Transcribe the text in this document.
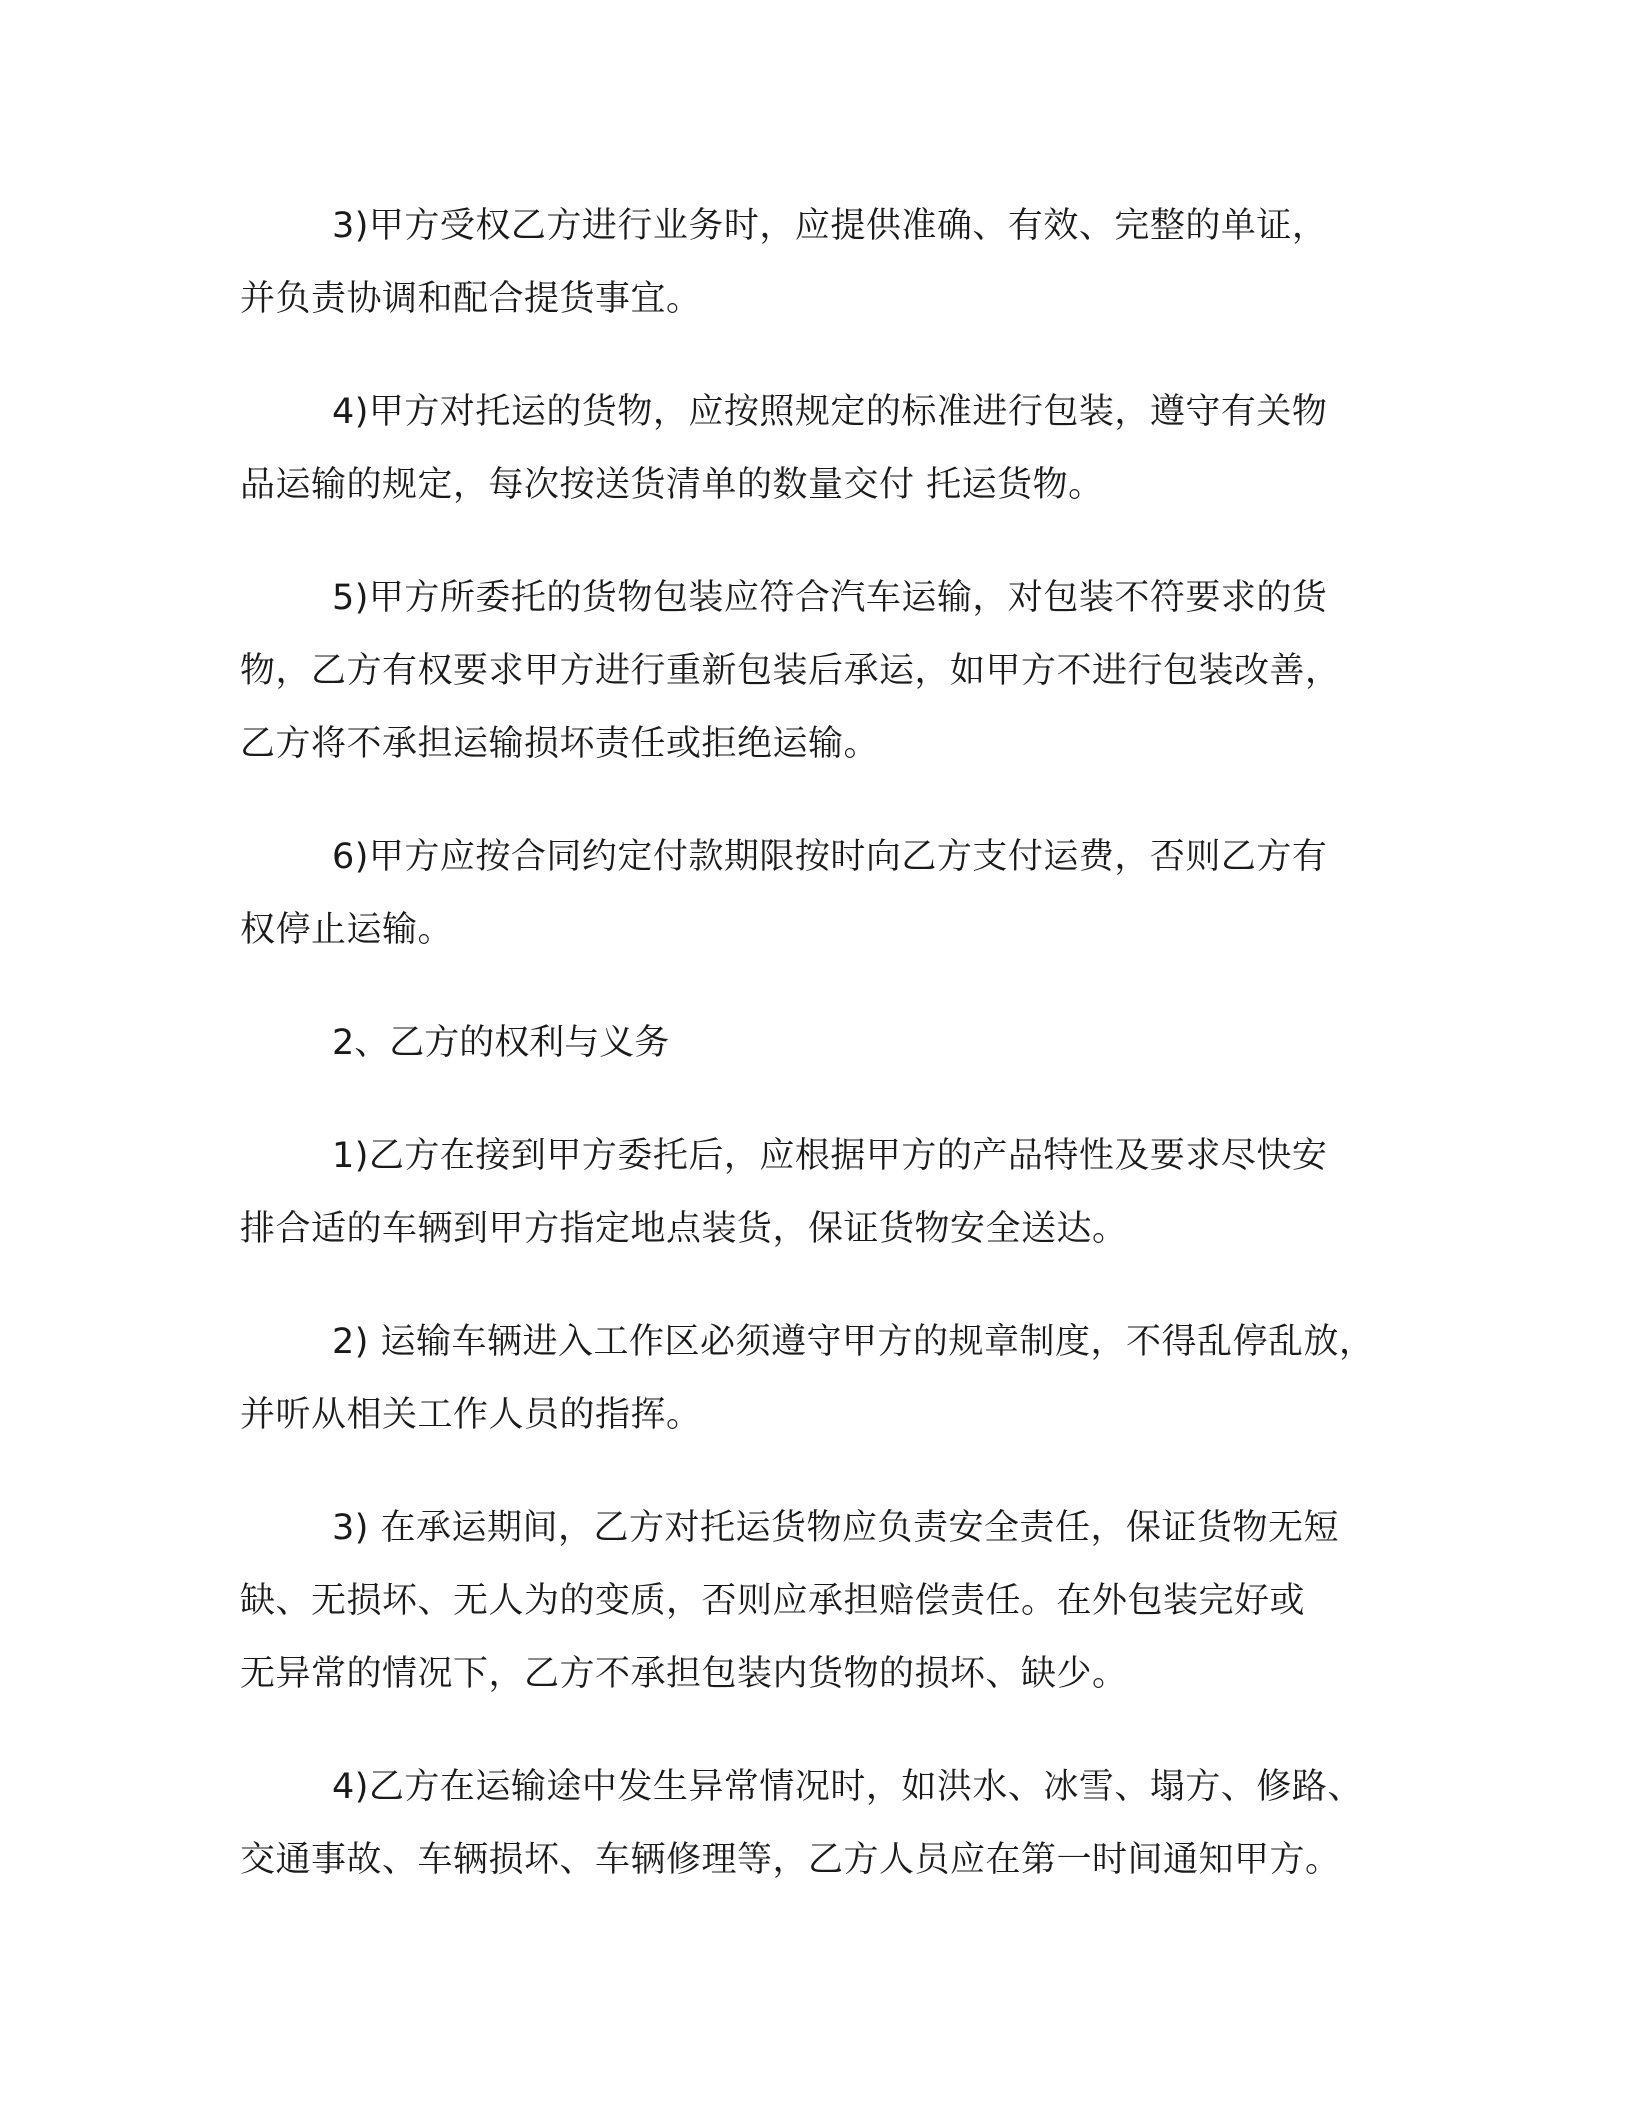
3)甲方受权乙方进行业务时，应提供准确、有效、完整的单证，
并负责协调和配合提货事宜。
4)甲方对托运的货物，应按照规定的标准进行包装，遵守有关物
品运输的规定，每次按送货清单的数量交付 托运货物。
5)甲方所委托的货物包装应符合汽车运输，对包装不符要求的货
物，乙方有权要求甲方进行重新包装后承运，如甲方不进行包装改善，
乙方将不承担运输损坏责任或拒绝运输。
6)甲方应按合同约定付款期限按时向乙方支付运费，否则乙方有
权停止运输。
2、乙方的权利与义务
1)乙方在接到甲方委托后，应根据甲方的产品特性及要求尽快安
排合适的车辆到甲方指定地点装货，保证货物安全送达。
2) 运输车辆进入工作区必须遵守甲方的规章制度，不得乱停乱放，
并听从相关工作人员的指挥。
3) 在承运期间，乙方对托运货物应负责安全责任，保证货物无短
缺、无损坏、无人为的变质，否则应承担赔偿责任。在外包装完好或
无异常的情况下，乙方不承担包装内货物的损坏、缺少。
4)乙方在运输途中发生异常情况时，如洪水、冰雪、塌方、修路、
交通事故、车辆损坏、车辆修理等，乙方人员应在第一时间通知甲方。
